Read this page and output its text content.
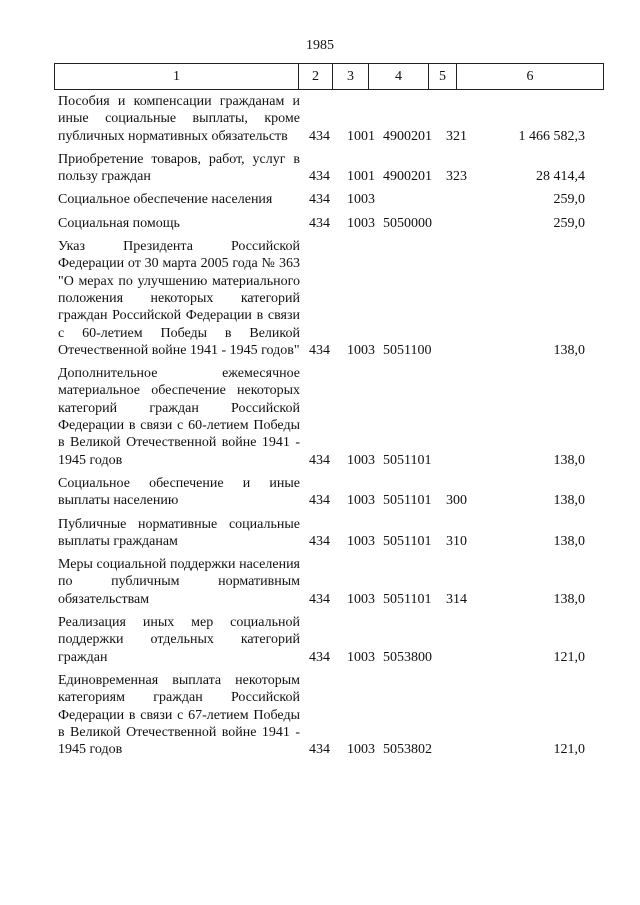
1985
1	2	3	4	5	6
Пособия и компенсации гражданам и иные социальные выплаты, кроме публичных нормативных обязательств	434 1001 4900201 321	1 466 582,3
Приобретение товаров, работ, услуг в пользу граждан	434 1001 4900201 323	28 414,4
Социальное обеспечение населения	434 1003	259,0
Социальная помощь	434 1003 5050000	259,0
Указ Президента Российской Федерации от 30 марта 2005 года № 363 "О мерах по улучшению материального положения некоторых категорий граждан Российской Федерации в связи с 60-летием Победы в Великой Отечественной войне 1941 - 1945 годов" 434 1003 5051100	138,0
Дополнительное ежемесячное материальное обеспечение некоторых категорий граждан Российской Федерации в связи с 60-летием Победы в Великой Отечественной войне 1941 - 1945 годов	434 1003 5051101	138,0
Социальное обеспечение и иные выплаты населению	434 1003 5051101 300	138,0
Публичные нормативные социальные выплаты гражданам	434 1003 5051101 310	138,0
Меры социальной поддержки населения по публичным нормативным обязательствам	434 1003 5051101 314	138,0
Реализация иных мер социальной поддержки отдельных категорий граждан	434 1003 5053800	121,0
Единовременная выплата некоторым категориям граждан Российской Федерации в связи с 67-летием Победы в Великой Отечественной войне 1941 - 1945 годов	434 1003 5053802	121,0
